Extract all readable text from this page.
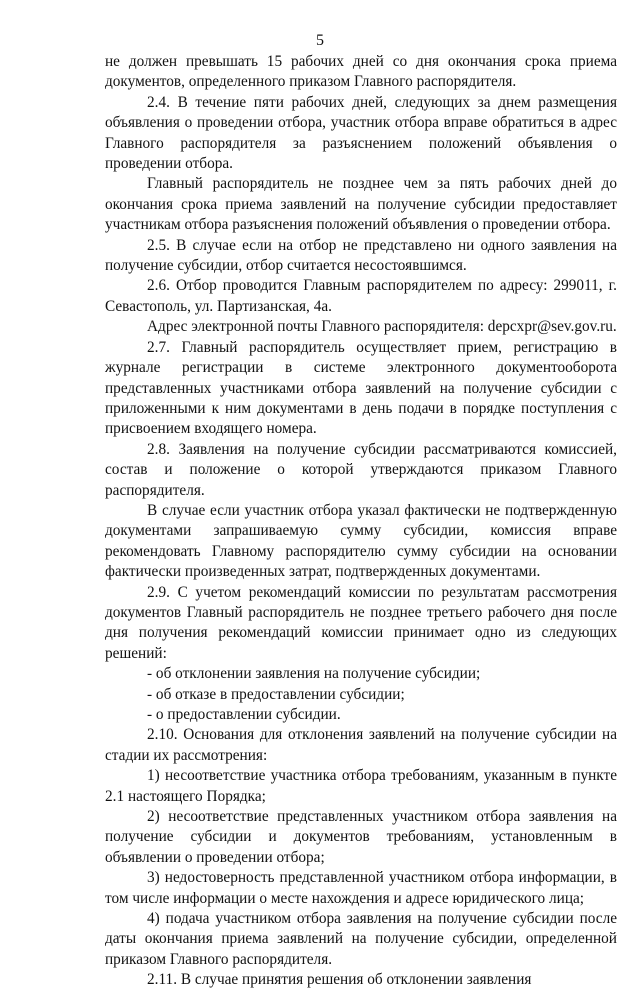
5

не должен превышать 15 рабочих дней со дня окончания срока приема документов, определенного приказом Главного распорядителя.

2.4. В течение пяти рабочих дней, следующих за днем размещения объявления о проведении отбора, участник отбора вправе обратиться в адрес Главного распорядителя за разъяснением положений объявления о проведении отбора.

Главный распорядитель не позднее чем за пять рабочих дней до окончания срока приема заявлений на получение субсидии предоставляет участникам отбора разъяснения положений объявления о проведении отбора.

2.5. В случае если на отбор не представлено ни одного заявления на получение субсидии, отбор считается несостоявшимся.

2.6. Отбор проводится Главным распорядителем по адресу: 299011, г. Севастополь, ул. Партизанская, 4а.

Адрес электронной почты Главного распорядителя: depcxpr@sev.gov.ru.

2.7. Главный распорядитель осуществляет прием, регистрацию в журнале регистрации в системе электронного документооборота представленных участниками отбора заявлений на получение субсидии с приложенными к ним документами в день подачи в порядке поступления с присвоением входящего номера.

2.8. Заявления на получение субсидии рассматриваются комиссией, состав и положение о которой утверждаются приказом Главного распорядителя.

В случае если участник отбора указал фактически не подтвержденную документами запрашиваемую сумму субсидии, комиссия вправе рекомендовать Главному распорядителю сумму субсидии на основании фактически произведенных затрат, подтвержденных документами.

2.9. С учетом рекомендаций комиссии по результатам рассмотрения документов Главный распорядитель не позднее третьего рабочего дня после дня получения рекомендаций комиссии принимает одно из следующих решений:

- об отклонении заявления на получение субсидии;

- об отказе в предоставлении субсидии;

- о предоставлении субсидии.

2.10. Основания для отклонения заявлений на получение субсидии на стадии их рассмотрения:

1) несоответствие участника отбора требованиям, указанным в пункте 2.1 настоящего Порядка;

2) несоответствие представленных участником отбора заявления на получение субсидии и документов требованиям, установленным в объявлении о проведении отбора;

3) недостоверность представленной участником отбора информации, в том числе информации о месте нахождения и адресе юридического лица;

4) подача участником отбора заявления на получение субсидии после даты окончания приема заявлений на получение субсидии, определенной приказом Главного распорядителя.

2.11. В случае принятия решения об отклонении заявления
